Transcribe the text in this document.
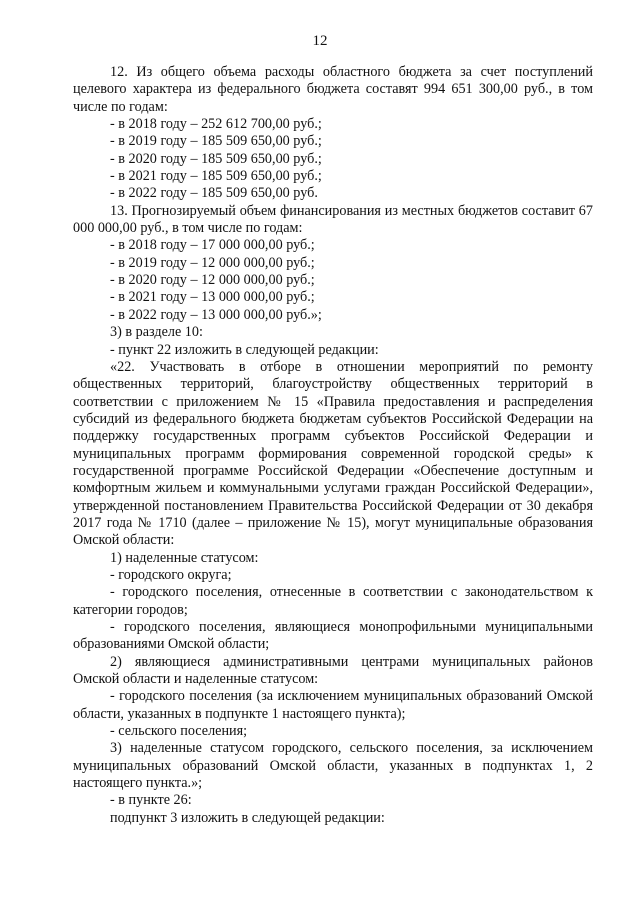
12

12. Из общего объема расходы областного бюджета за счет поступлений целевого характера из федерального бюджета составят 994 651 300,00 руб., в том числе по годам:

- в 2018 году – 252 612 700,00 руб.;

- в 2019 году – 185 509 650,00 руб.;

- в 2020 году – 185 509 650,00 руб.;

- в 2021 году – 185 509 650,00 руб.;

- в 2022 году – 185 509 650,00 руб.

13. Прогнозируемый объем финансирования из местных бюджетов составит 67 000 000,00 руб., в том числе по годам:

- в 2018 году – 17 000 000,00 руб.;

- в 2019 году – 12 000 000,00 руб.;

- в 2020 году – 12 000 000,00 руб.;

- в 2021 году – 13 000 000,00 руб.;

- в 2022 году – 13 000 000,00 руб.»;

3) в разделе 10:

- пункт 22 изложить в следующей редакции:

«22. Участвовать в отборе в отношении мероприятий по ремонту общественных территорий, благоустройству общественных территорий в соответствии с приложением № 15 «Правила предоставления и распределения субсидий из федерального бюджета бюджетам субъектов Российской Федерации на поддержку государственных программ субъектов Российской Федерации и муниципальных программ формирования современной городской среды» к государственной программе Российской Федерации «Обеспечение доступным и комфортным жильем и коммунальными услугами граждан Российской Федерации», утвержденной постановлением Правительства Российской Федерации от 30 декабря 2017 года № 1710 (далее – приложение № 15), могут муниципальные образования Омской области:

1) наделенные статусом:

- городского округа;

- городского поселения, отнесенные в соответствии с законодательством к категории городов;

- городского поселения, являющиеся монопрофильными муниципальными образованиями Омской области;

2) являющиеся административными центрами муниципальных районов Омской области и наделенные статусом:

- городского поселения (за исключением муниципальных образований Омской области, указанных в подпункте 1 настоящего пункта);

- сельского поселения;

3) наделенные статусом городского, сельского поселения, за исключением муниципальных образований Омской области, указанных в подпунктах 1, 2 настоящего пункта.»;

- в пункте 26:

подпункт 3 изложить в следующей редакции:
